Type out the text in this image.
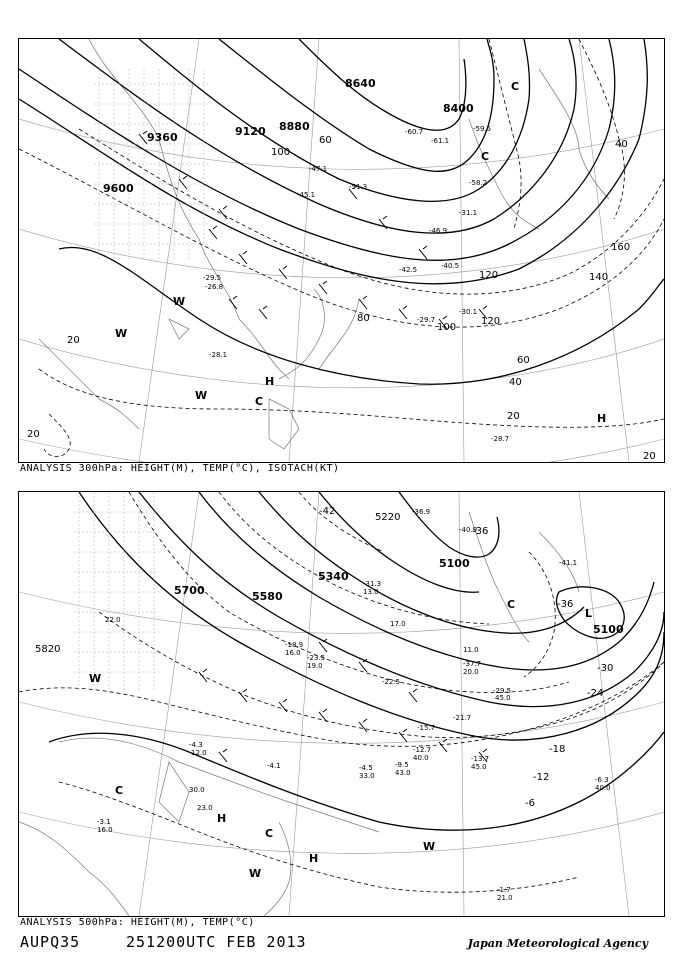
9600
9360	9120 8880
8640
8400
20
40
60
80
100
120
140
160
20
20
20
40
60
100
120
W
W
W
H
C
C
C
H
-28.7
-30.1
-31.1
-29.7
-40.5
-42.5
-46.9
-51.3	-58.2
-59.5
-61.1
-60.7
-47.1
-45.1
-26.8
-28.1
-29.5
ANALYSIS 300hPa: HEIGHT(M), TEMP(°C), ISOTACH(KT)
5700	5580
5820
5340
5100
5220
5100
-42
-36
-30
-24
-18
-12
-6
-36
W
C
H
H
W
W
C
L
C
-31.3
-36.9
-41.1
-40.9
-37.7
-29.5
-21.7
-13.7
-12.7
-9.5
-6.3
-4.5
-4.1
-4.3
-1.7
-3.1
-15.7
-18.9
-22.5
-23.5
13.0
17.0
11.0
20.0
22.0
45.0
40.0
43.0
45.0
40.0
33.0
12.0
30.0
21.0
16.0
23.0
19.0
16.0
ANALYSIS 500hPa: HEIGHT(M), TEMP(°C)
AUPQ35	251200UTC FEB 2013	Japan Meteorological Agency
